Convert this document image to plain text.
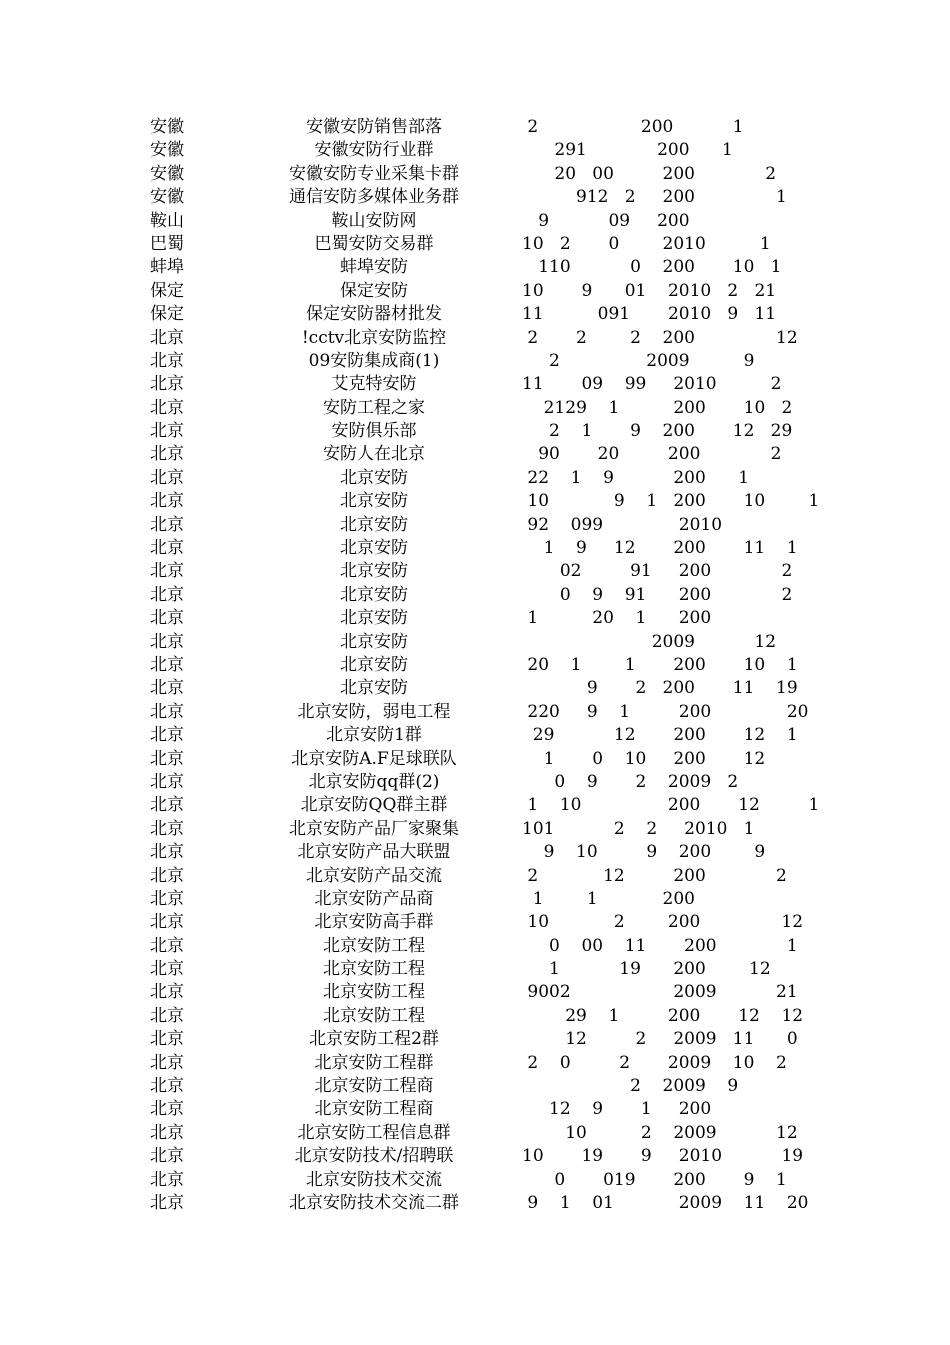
安徽	安徽安防销售部落	2                   200           1
安徽	安徽安防行业群	291             200      1
安徽	安徽安防专业采集卡群	20   00         200             2
安徽	通信安防多媒体业务群	912   2     200               1
鞍山	鞍山安防网	9           09     200
巴蜀	巴蜀安防交易群	10   2       0        2010          1
蚌埠	蚌埠安防	110           0    200       10   1
保定	保定安防	10       9      01    2010   2   21
保定	保定安防器材批发	11          091       2010   9   11
北京	!cctv北京安防监控	2       2        2    200               12
北京	09安防集成商(1)	2                2009          9
北京	艾克特安防	11       09    99     2010          2
北京	安防工程之家	2129    1          200       10   2
北京	安防俱乐部	2    1       9    200       12   29
北京	安防人在北京	90       20         200             2
北京	北京安防	22    1    9           200      1
北京	北京安防	10            9    1   200       10        1
北京	北京安防	92    099              2010
北京	北京安防	1    9     12       200       11    1
北京	北京安防	02         91     200             2
北京	北京安防	0    9    91      200             2
北京	北京安防	1          20    1      200
北京	北京安防	2009           12
北京	北京安防	20    1        1       200       10    1
北京	北京安防	9       2   200       11    19
北京	北京安防，弱电工程	220     9    1         200              20
北京	北京安防1群	29           12       200       12    1
北京	北京安防A.F足球联队	1       0    10     200       12
北京	北京安防qq群(2)	0    9       2    2009   2
北京	北京安防QQ群主群	1    10                200       12         1
北京	北京安防产品厂家聚集	101           2    2     2010   1
北京	北京安防产品大联盟	9    10         9    200        9
北京	北京安防产品交流	2            12         200             2
北京	北京安防产品商	1        1            200
北京	北京安防高手群	10            2        200               12
北京	北京安防工程	0    00    11       200             1
北京	北京安防工程	1           19      200        12
北京	北京安防工程	9002                   2009           21
北京	北京安防工程	29    1         200       12    12
北京	北京安防工程2群	12         2     2009   11      0
北京	北京安防工程群	2    0         2       2009    10    2
北京	北京安防工程商	2    2009    9
北京	北京安防工程商	12    9       1     200
北京	北京安防工程信息群	10          2    2009           12
北京	北京安防技术/招聘联	10       19       9     2010           19
北京	北京安防技术交流	0       019       200       9    1
北京	北京安防技术交流二群	9    1    01            2009    11    20
